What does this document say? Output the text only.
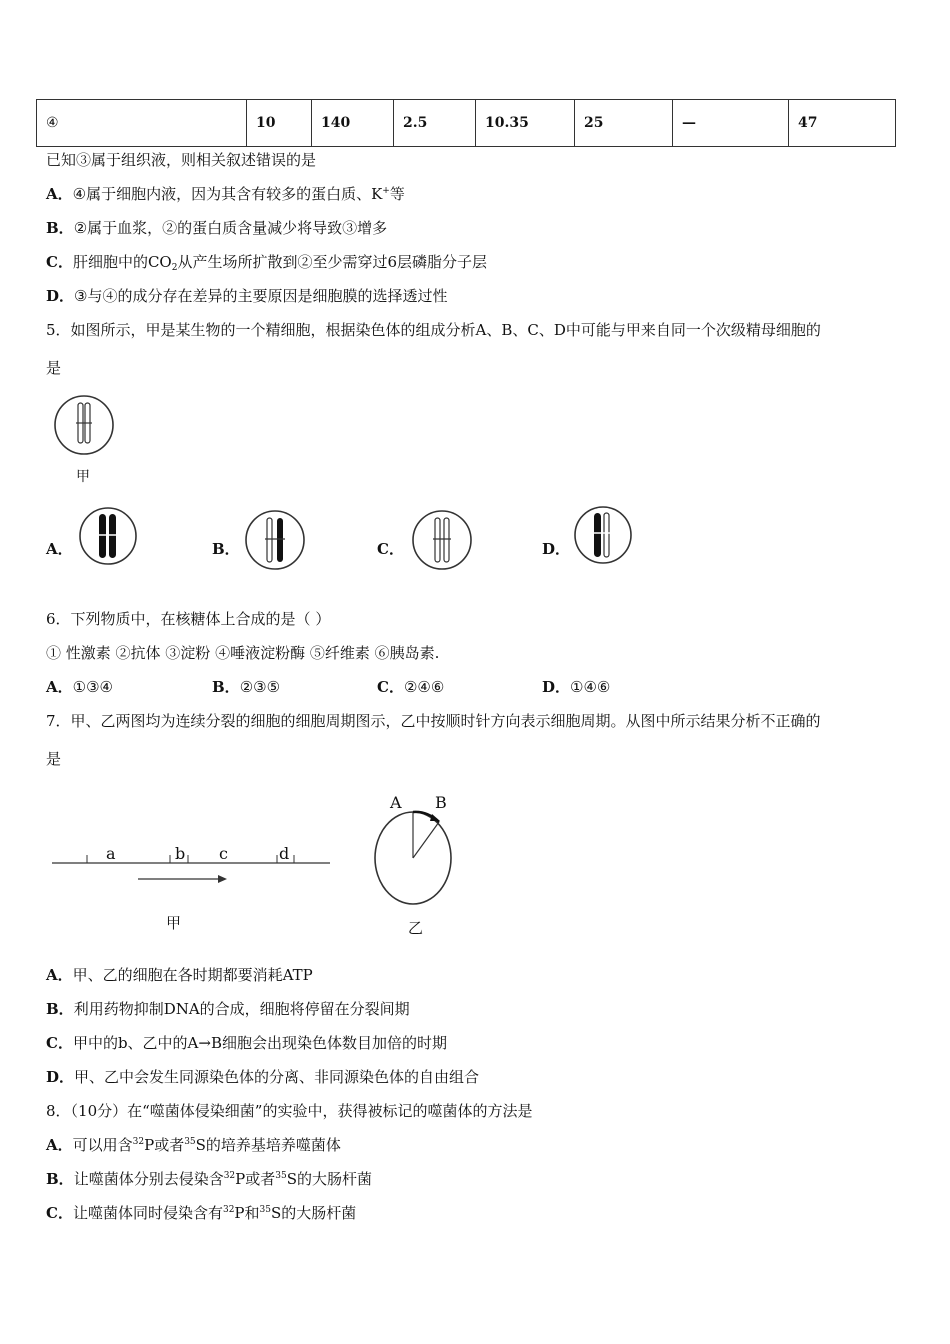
④	10	140	2.5	10.35	25	—	47
已知③属于组织液，则相关叙述错误的是
A．④属于细胞内液，因为其含有较多的蛋白质、K+等
B．②属于血浆，②的蛋白质含量减少将导致③增多
C．肝细胞中的$CO_2$从产生场所扩散到②至少需穿过6层磷脂分子层
D．③与④的成分存在差异的主要原因是细胞膜的选择透过性
5．如图所示，甲是某生物的一个精细胞，根据染色体的组成分析A、B、C、D中可能与甲来自同一个次级精母细胞的
是
甲
A．	B．	C．	D．
6．下列物质中，在核糖体上合成的是（ ）
① 性激素 ②抗体 ③淀粉 ④唾液淀粉酶 ⑤纤维素 ⑥胰岛素.
A．①③④	B．②③⑤	C．②④⑥	D．①④⑥
7．甲、乙两图均为连续分裂的细胞的细胞周期图示，乙中按顺时针方向表示细胞周期。从图中所示结果分析不正确的
是
a	b c	d
甲
A B
乙
A．甲、乙的细胞在各时期都要消耗ATP
B．利用药物抑制DNA的合成，细胞将停留在分裂间期
C．甲中的b、乙中的A→B细胞会出现染色体数目加倍的时期
D．甲、乙中会发生同源染色体的分离、非同源染色体的自由组合
8．（10分）在“噬菌体侵染细菌”的实验中，获得被标记的噬菌体的方法是
A．可以用含$^{32}$P或者$^{35}$S的培养基培养噬菌体
B．让噬菌体分别去侵染含$^{32}$P或者$^{35}$S的大肠杆菌
C．让噬菌体同时侵染含有$^{32}$P和$^{35}$S的大肠杆菌
